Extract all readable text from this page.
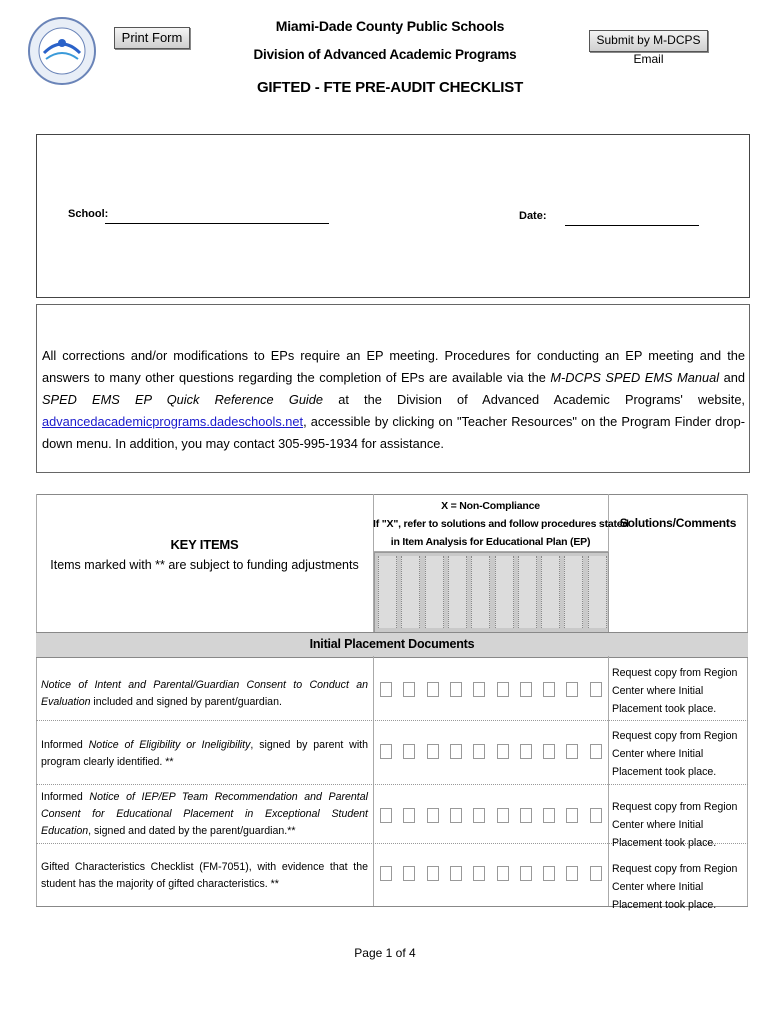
Print Form	Submit by M-DCPS Email
Miami-Dade County Public Schools
Division of Advanced Academic Programs
GIFTED - FTE PRE-AUDIT CHECKLIST
School:	Date:
All corrections and/or modifications to EPs require an EP meeting. Procedures for conducting an EP meeting and the answers to many other questions regarding the completion of EPs are available via the M-DCPS SPED EMS Manual and SPED EMS EP Quick Reference Guide at the Division of Advanced Academic Programs' website, advancedacademicprograms.dadeschools.net, accessible by clicking on "Teacher Resources" on the Program Finder drop-down menu. In addition, you may contact 305-995-1934 for assistance.
X = Non-Compliance
If "X", refer to solutions and follow procedures stated
in Item Analysis for Educational Plan (EP)
Solutions/Comments
KEY ITEMS
Items marked with ** are subject to funding adjustments
Initial Placement Documents
Notice of Intent and Parental/Guardian Consent to Conduct an Evaluation included and signed by parent/guardian.
Request copy from Region Center where Initial Placement took place.
Informed Notice of Eligibility or Ineligibility, signed by parent with program clearly identified. **
Request copy from Region Center where Initial Placement took place.
Informed Notice of IEP/EP Team Recommendation and Parental Consent for Educational Placement in Exceptional Student Education, signed and dated by the parent/guardian.**
Request copy from Region Center where Initial Placement took place.
Gifted Characteristics Checklist (FM-7051), with evidence that the student has the majority of gifted characteristics. **
Request copy from Region Center where Initial Placement took place.
Page 1 of 4
